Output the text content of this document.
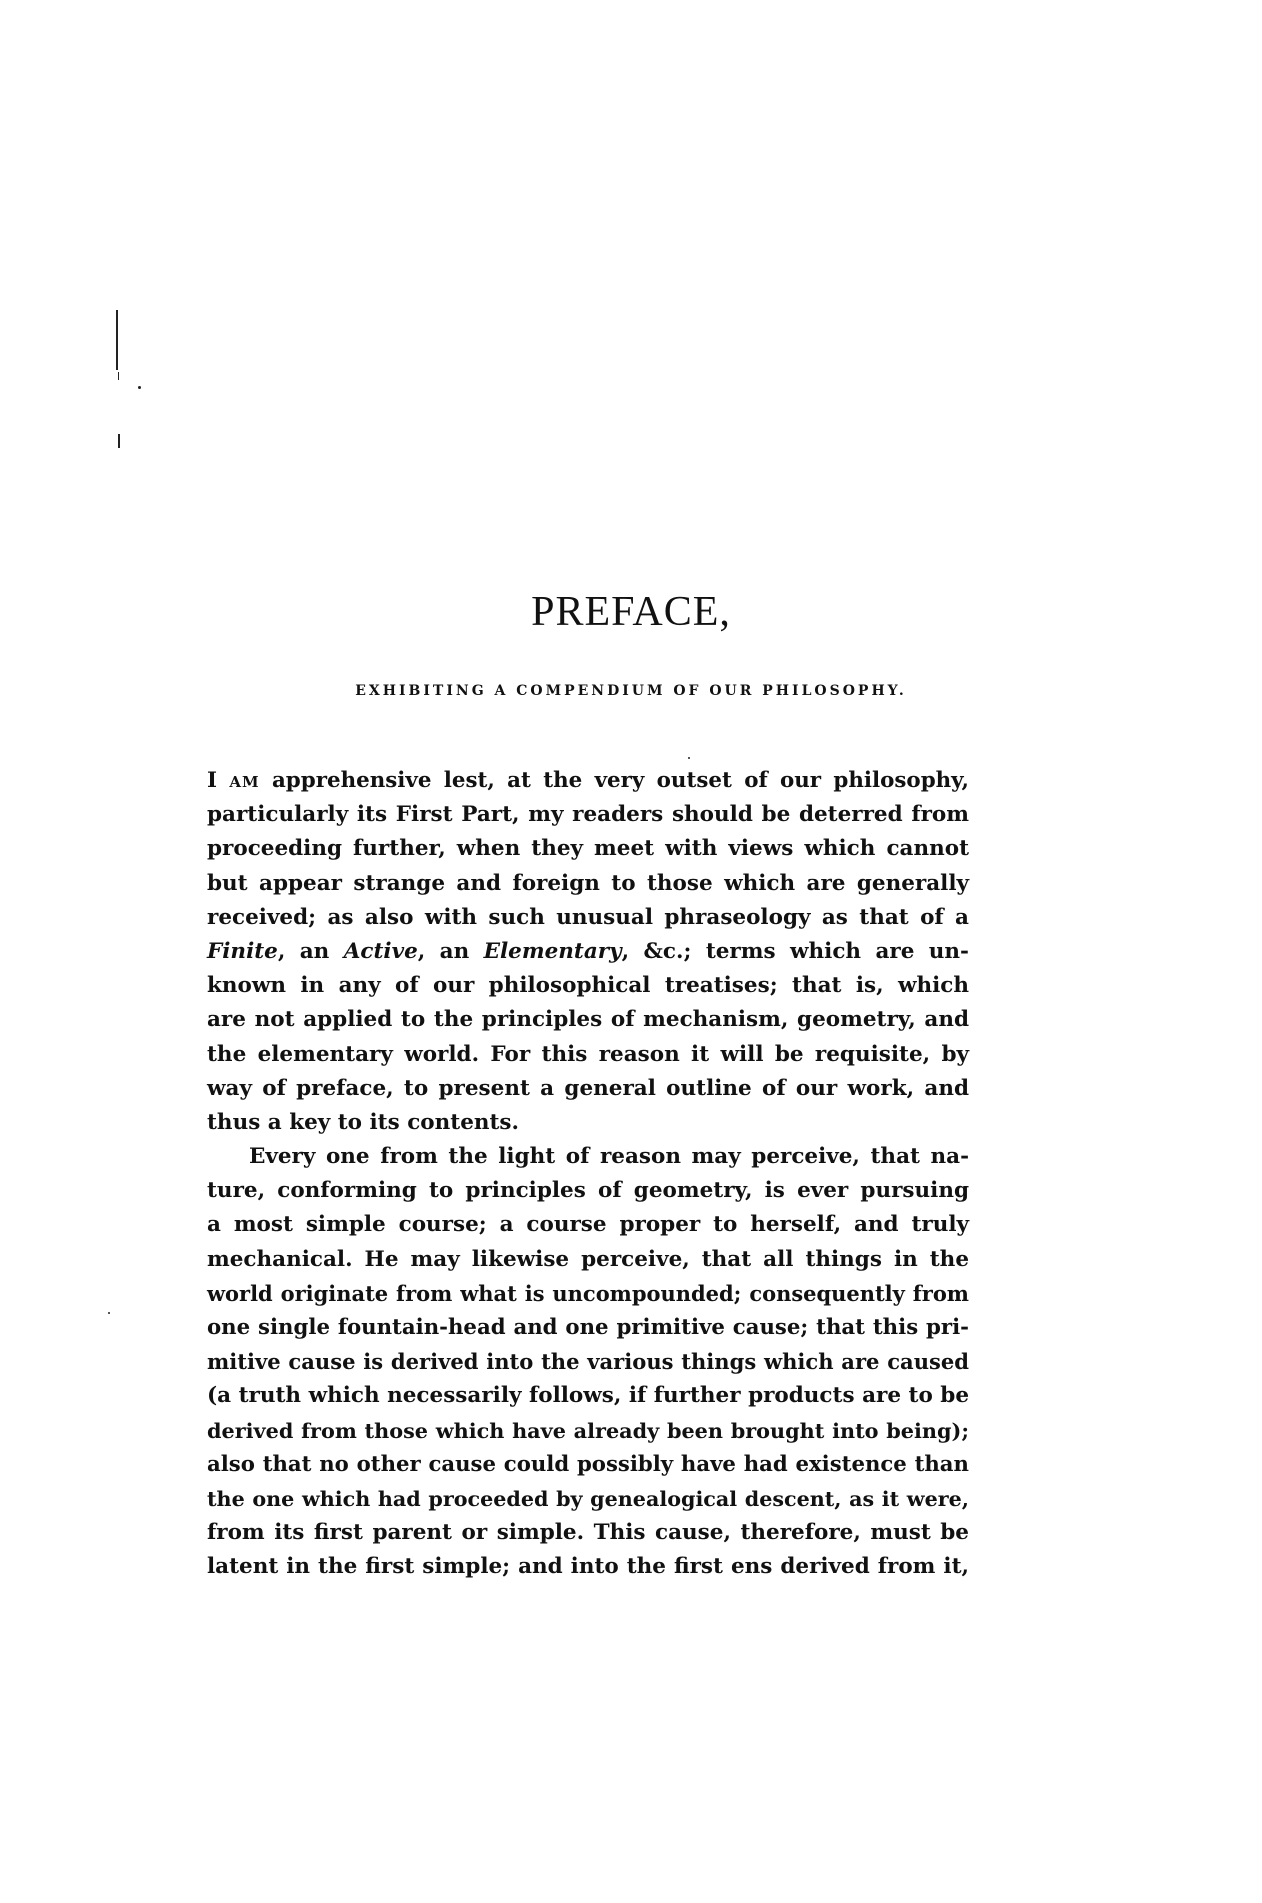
PREFACE,
EXHIBITING A COMPENDIUM OF OUR PHILOSOPHY.

I AM apprehensive lest, at the very outset of our philosophy,
particularly its First Part, my readers should be deterred from
proceeding further, when they meet with views which cannot
but appear strange and foreign to those which are generally
received; as also with such unusual phraseology as that of a
Finite, an Active, an Elementary, &c.; terms which are un-
known in any of our philosophical treatises; that is, which
are not applied to the principles of mechanism, geometry, and
the elementary world. For this reason it will be requisite, by
way of preface, to present a general outline of our work, and
thus a key to its contents.

Every one from the light of reason may perceive, that na-
ture, conforming to principles of geometry, is ever pursuing
a most simple course; a course proper to herself, and truly
mechanical. He may likewise perceive, that all things in the
world originate from what is uncompounded; consequently from
one single fountain-head and one primitive cause; that this pri-
mitive cause is derived into the various things which are caused
(a truth which necessarily follows, if further products are to be
derived from those which have already been brought into being);
also that no other cause could possibly have had existence than
the one which had proceeded by genealogical descent, as it were,
from its first parent or simple. This cause, therefore, must be
latent in the first simple; and into the first ens derived from it,
